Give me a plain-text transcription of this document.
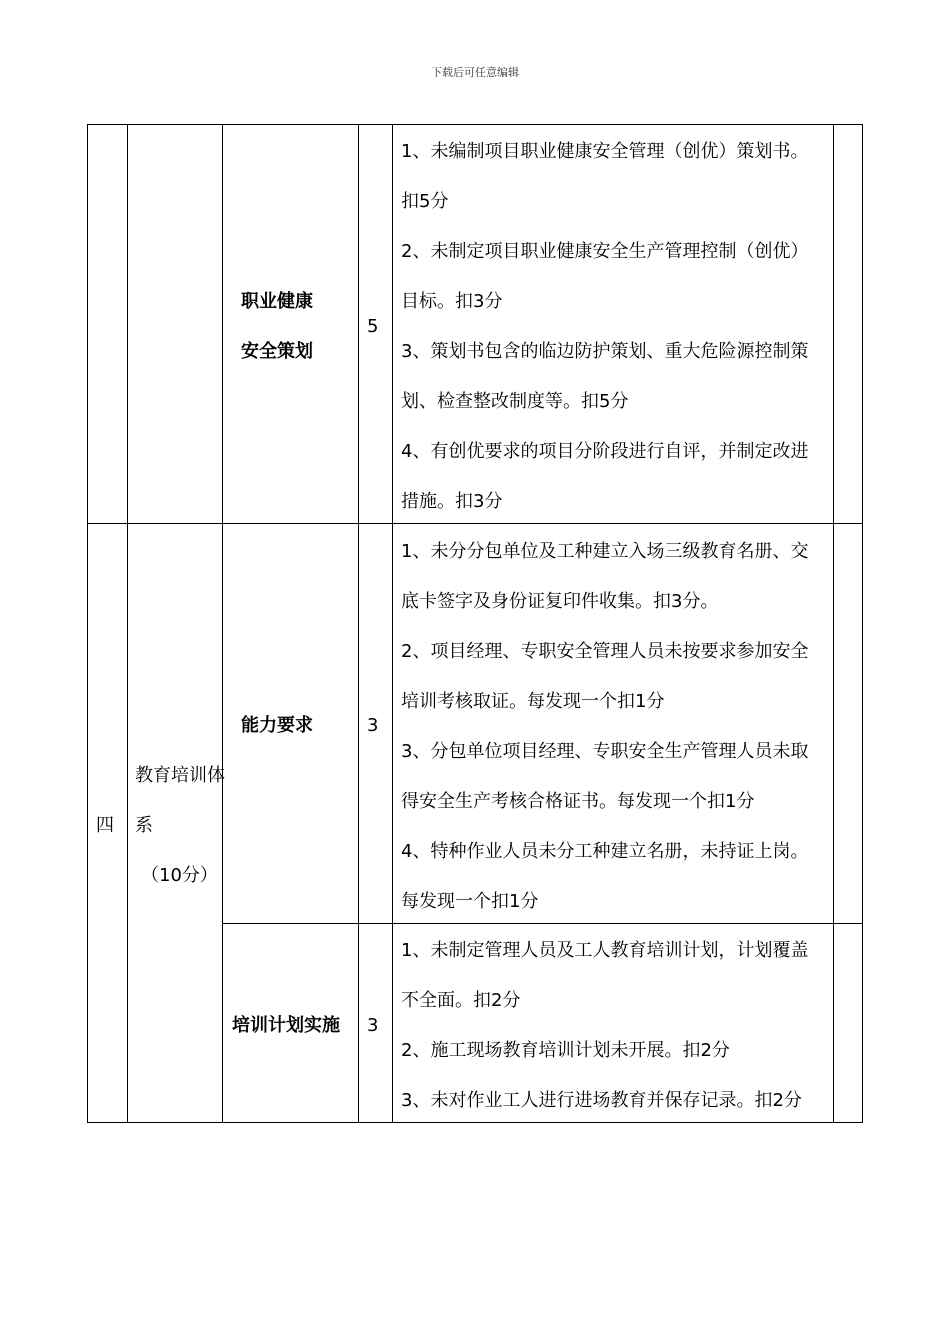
下载后可任意编辑
职业健康
安全策划
5
1、未编制项目职业健康安全管理（创优）策划书。
扣5分
2、未制定项目职业健康安全生产管理控制（创优）
目标。扣3分
3、策划书包含的临边防护策划、重大危险源控制策
划、检查整改制度等。扣5分
4、有创优要求的项目分阶段进行自评，并制定改进
措施。扣3分
四
教育培训体
系
（10分）
能力要求	3
1、未分分包单位及工种建立入场三级教育名册、交
底卡签字及身份证复印件收集。扣3分。
2、项目经理、专职安全管理人员未按要求参加安全
培训考核取证。每发现一个扣1分
3、分包单位项目经理、专职安全生产管理人员未取
得安全生产考核合格证书。每发现一个扣1分
4、特种作业人员未分工种建立名册，未持证上岗。
每发现一个扣1分
培训计划实施 3
1、未制定管理人员及工人教育培训计划，计划覆盖
不全面。扣2分
2、施工现场教育培训计划未开展。扣2分
3、未对作业工人进行进场教育并保存记录。扣2分
